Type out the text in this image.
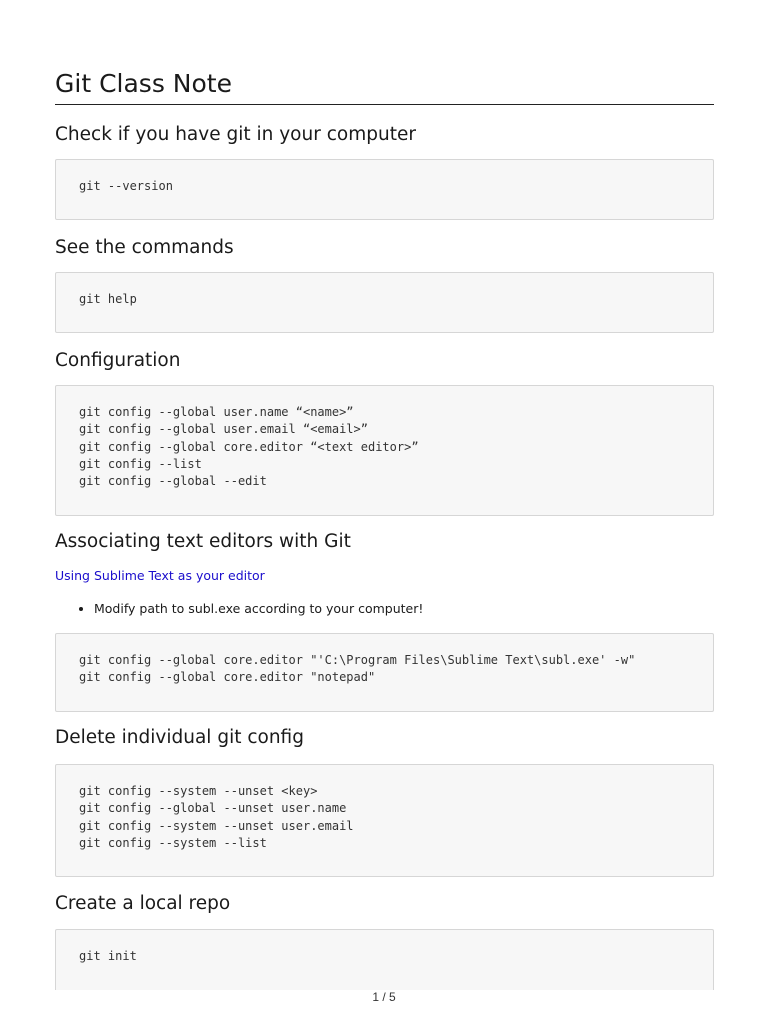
Git Class Note
Check if you have git in your computer
git --version
See the commands
git help
Configuration
git config --global user.name “<name>”
git config --global user.email “<email>”
git config --global core.editor “<text editor>”
git config --list
git config --global --edit
Associating text editors with Git
Using Sublime Text as your editor
• Modify path to subl.exe according to your computer!
git config --global core.editor "'C:\Program Files\Sublime Text\subl.exe' -w"
git config --global core.editor "notepad"
Delete individual git config
git config --system --unset <key>
git config --global --unset user.name
git config --system --unset user.email
git config --system --list
Create a local repo
git init
1 / 5
